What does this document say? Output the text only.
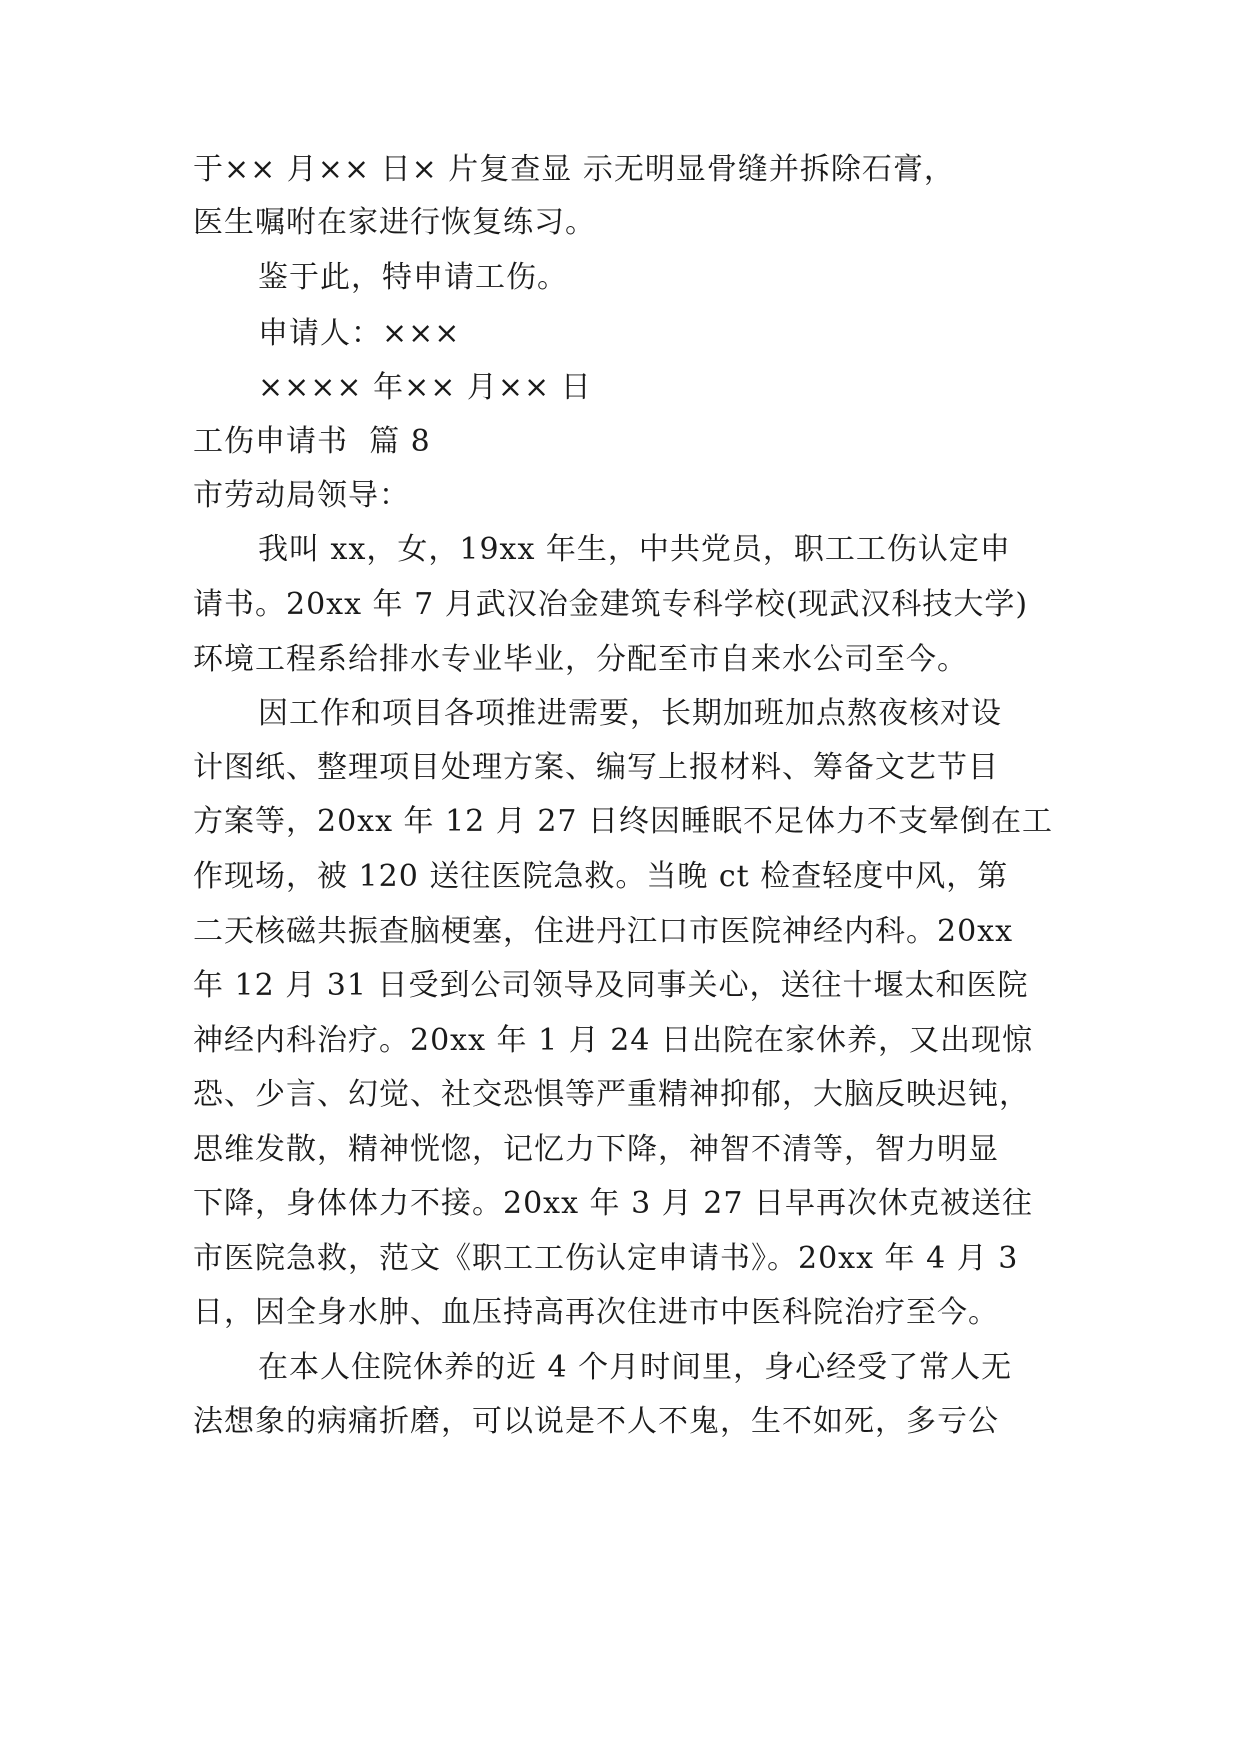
于×× 月×× 日× 片复查显 示无明显骨缝并拆除石膏，
医生嘱咐在家进行恢复练习。
鉴于此，特申请工伤。
申请人：×××
×××× 年×× 月×× 日
工伤申请书  篇 8
市劳动局领导：
我叫 xx，女，19xx 年生，中共党员，职工工伤认定申
请书。20xx 年 7 月武汉冶金建筑专科学校(现武汉科技大学)
环境工程系给排水专业毕业，分配至市自来水公司至今。
因工作和项目各项推进需要，长期加班加点熬夜核对设
计图纸、整理项目处理方案、编写上报材料、筹备文艺节目
方案等，20xx 年 12 月 27 日终因睡眠不足体力不支晕倒在工
作现场，被 120 送往医院急救。当晚 ct 检查轻度中风，第
二天核磁共振查脑梗塞，住进丹江口市医院神经内科。20xx
年 12 月 31 日受到公司领导及同事关心，送往十堰太和医院
神经内科治疗。20xx 年 1 月 24 日出院在家休养，又出现惊
恐、少言、幻觉、社交恐惧等严重精神抑郁，大脑反映迟钝，
思维发散，精神恍惚，记忆力下降，神智不清等，智力明显
下降，身体体力不接。20xx 年 3 月 27 日早再次休克被送往
市医院急救，范文《职工工伤认定申请书》。20xx 年 4 月 3
日，因全身水肿、血压持高再次住进市中医科院治疗至今。
在本人住院休养的近 4 个月时间里，身心经受了常人无
法想象的病痛折磨，可以说是不人不鬼，生不如死，多亏公
